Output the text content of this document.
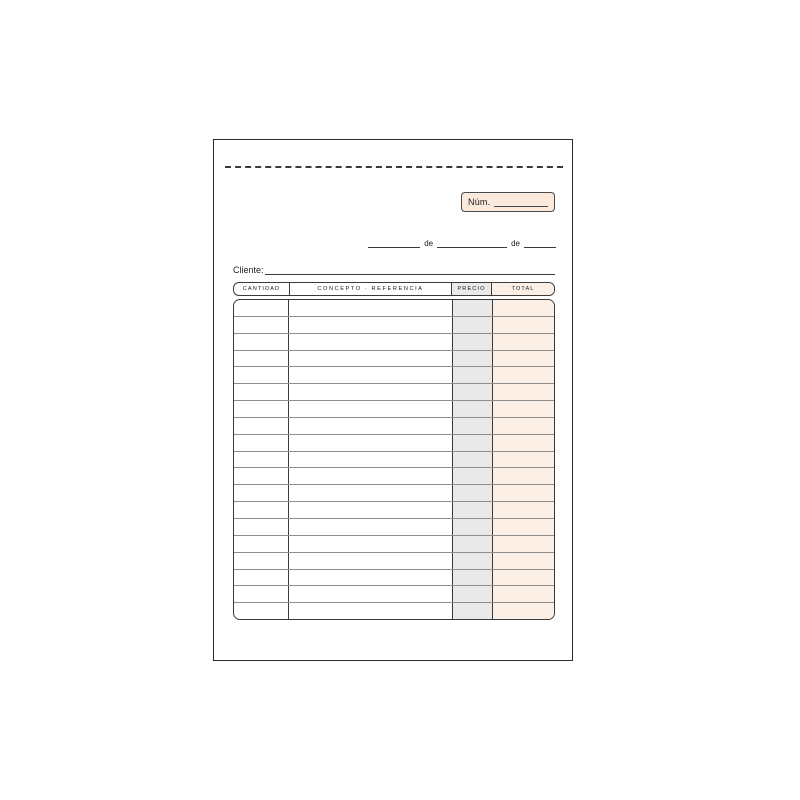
Núm.
de	de
Cliente:
CANTIDAD	CONCEPTO · REFERENCIA	PRECIO	TOTAL
